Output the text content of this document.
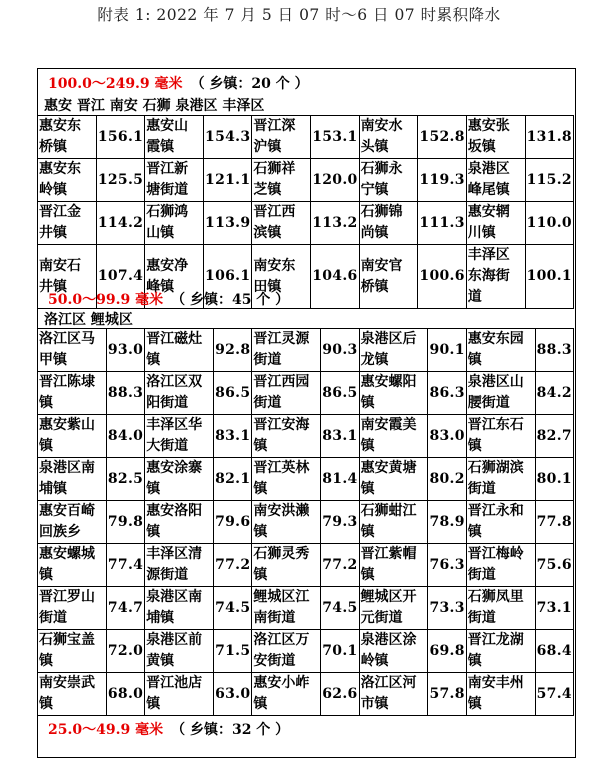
附表 1: 2022 年 7 月 5 日 07 时～6 日 07 时累积降水
100.0～249.9 毫米 （ 乡镇：20 个 ）
惠安 晋江 南安 石狮 泉港区 丰泽区
惠安东桥镇	156.1	惠安山霞镇	154.3	晋江深沪镇	153.1	南安水头镇	152.8	惠安张坂镇	131.8
惠安东岭镇	125.5	晋江新塘街道	121.1	石狮祥芝镇	120.0	石狮永宁镇	119.3	泉港区峰尾镇	115.2
晋江金井镇	114.2	石狮鸿山镇	113.9	晋江西滨镇	113.2	石狮锦尚镇	111.3	惠安辋川镇	110.0
南安石井镇	107.4	惠安净峰镇	106.1	南安东田镇	104.6	南安官桥镇	100.6	丰泽区东海街道	100.1
50.0～99.9 毫米 （ 乡镇：45 个 ）
洛江区 鲤城区
洛江区马甲镇	93.0	晋江磁灶镇	92.8	晋江灵源街道	90.3	泉港区后龙镇	90.1	惠安东园镇	88.3
晋江陈埭镇	88.3	洛江区双阳街道	86.5	晋江西园街道	86.5	惠安螺阳镇	86.3	泉港区山腰街道	84.2
惠安紫山镇	84.0	丰泽区华大街道	83.1	晋江安海镇	83.1	南安霞美镇	83.0	晋江东石镇	82.7
泉港区南埔镇	82.5	惠安涂寨镇	82.1	晋江英林镇	81.4	惠安黄塘镇	80.2	石狮湖滨街道	80.1
惠安百崎回族乡	79.8	惠安洛阳镇	79.6	南安洪濑镇	79.3	石狮蚶江镇	78.9	晋江永和镇	77.8
惠安螺城镇	77.4	丰泽区清源街道	77.2	石狮灵秀镇	77.2	晋江紫帽镇	76.3	晋江梅岭街道	75.6
晋江罗山街道	74.7	泉港区南埔镇	74.5	鲤城区江南街道	74.5	鲤城区开元街道	73.3	石狮凤里街道	73.1
石狮宝盖镇	72.0	泉港区前黄镇	71.5	洛江区万安街道	70.1	泉港区涂岭镇	69.8	晋江龙湖镇	68.4
南安崇武镇	68.0	晋江池店镇	63.0	惠安小岞镇	62.6	洛江区河市镇	57.8	南安丰州镇	57.4
25.0～49.9 毫米 （ 乡镇：32 个 ）
